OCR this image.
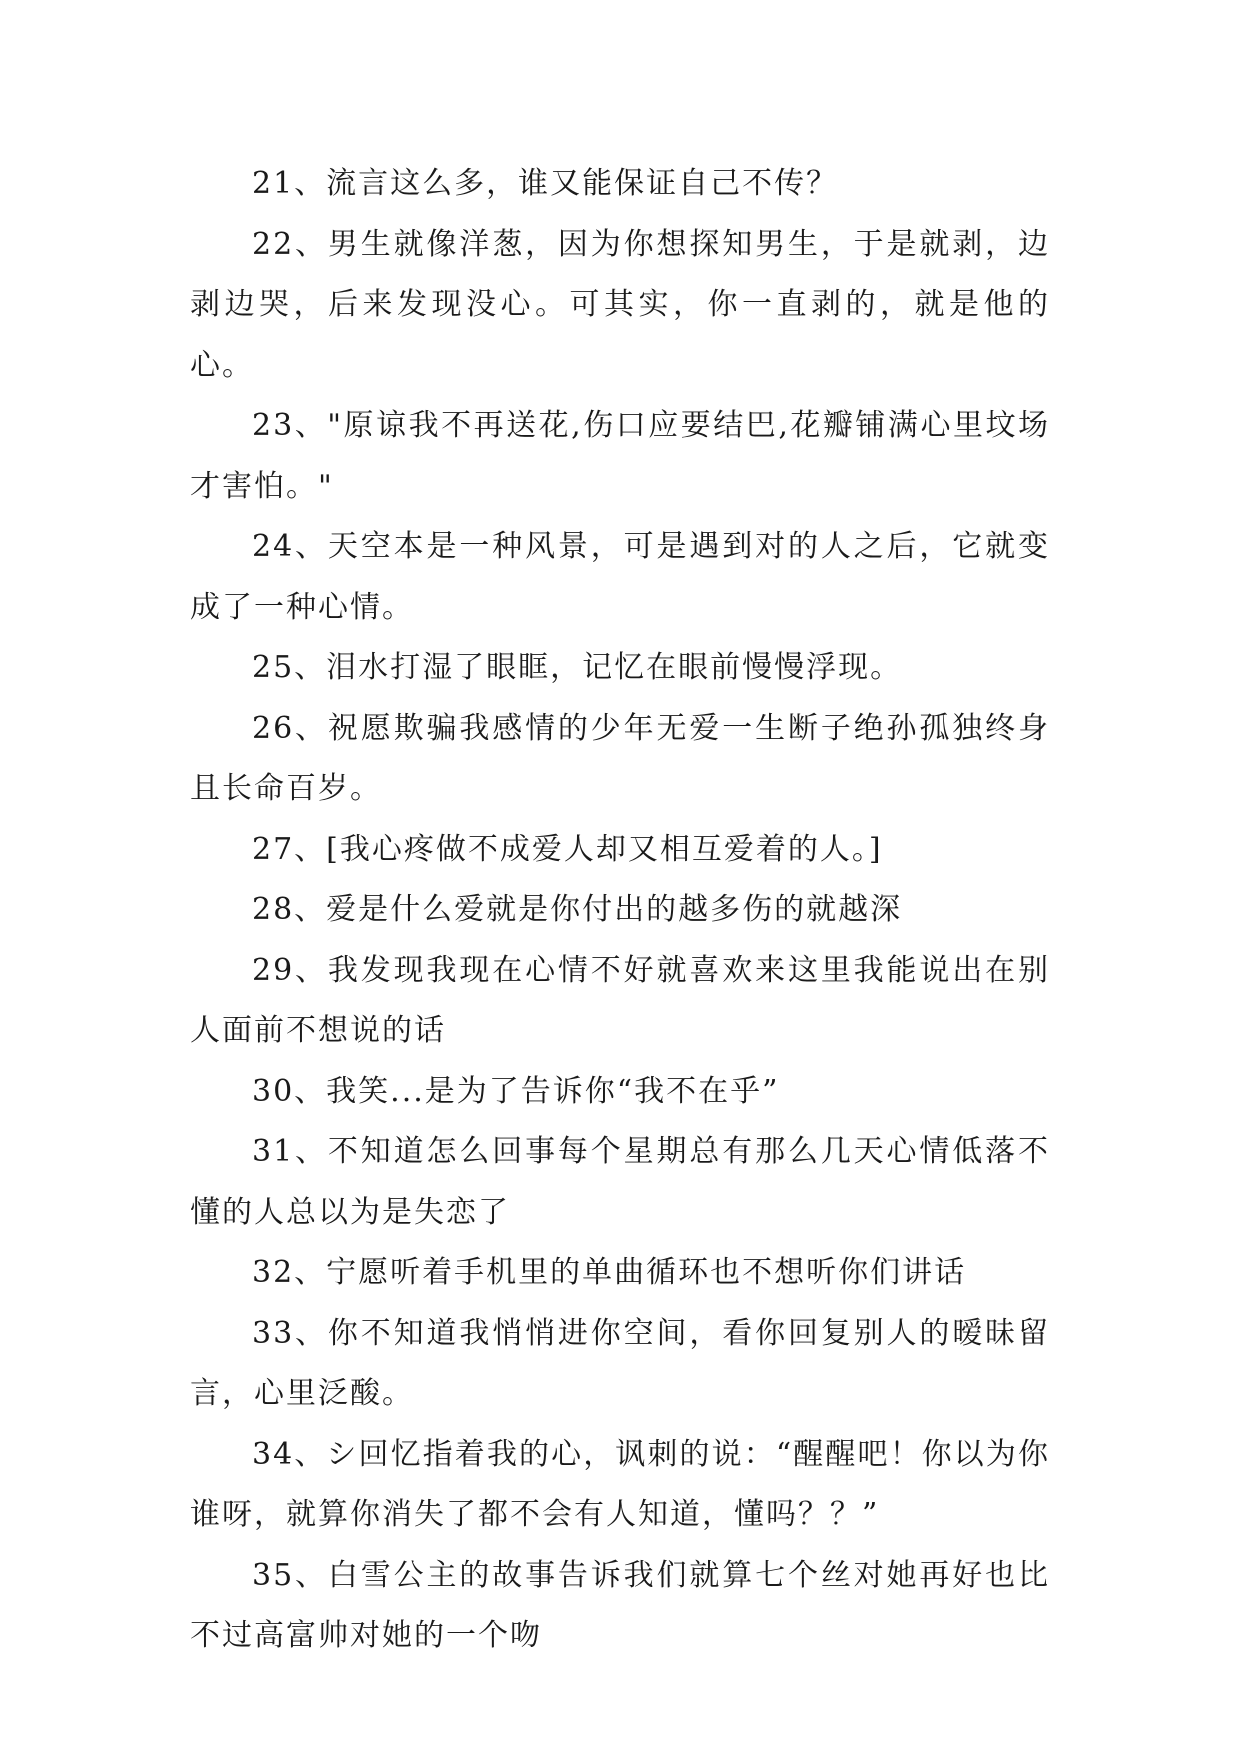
21、流言这么多，谁又能保证自己不传？

22、男生就像洋葱，因为你想探知男生，于是就剥，边剥边哭，后来发现没心。可其实，你一直剥的，就是他的心。

23、"原谅我不再送花,伤口应要结巴,花瓣铺满心里坟场才害怕。"

24、天空本是一种风景，可是遇到对的人之后，它就变成了一种心情。

25、泪水打湿了眼眶，记忆在眼前慢慢浮现。

26、祝愿欺骗我感情的少年无爱一生断子绝孙孤独终身且长命百岁。

27、[我心疼做不成爱人却又相互爱着的人。]

28、爱是什么爱就是你付出的越多伤的就越深

29、我发现我现在心情不好就喜欢来这里我能说出在别人面前不想说的话

30、我笑...是为了告诉你“我不在乎”

31、不知道怎么回事每个星期总有那么几天心情低落不懂的人总以为是失恋了

32、宁愿听着手机里的单曲循环也不想听你们讲话

33、你不知道我悄悄进你空间，看你回复别人的暧昧留言，心里泛酸。

34、シ回忆指着我的心，讽刺的说：“醒醒吧！你以为你谁呀，就算你消失了都不会有人知道，懂吗？？”

35、白雪公主的故事告诉我们就算七个丝对她再好也比不过高富帅对她的一个吻
